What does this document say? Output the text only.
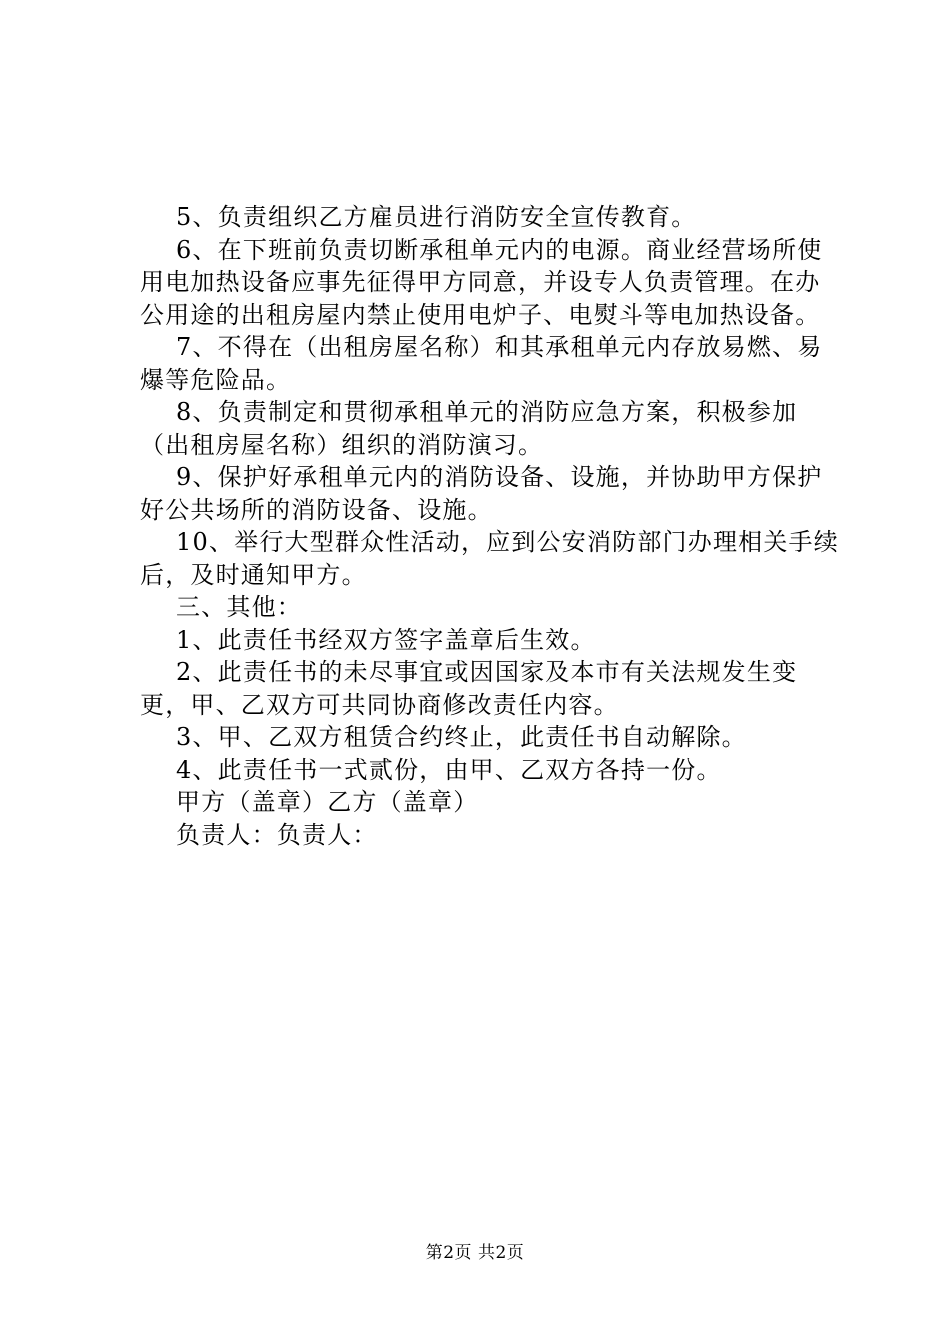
5、负责组织乙方雇员进行消防安全宣传教育。

6、在下班前负责切断承租单元内的电源。商业经营场所使用电加热设备应事先征得甲方同意，并设专人负责管理。在办公用途的出租房屋内禁止使用电炉子、电熨斗等电加热设备。

7、不得在（出租房屋名称）和其承租单元内存放易燃、易爆等危险品。

8、负责制定和贯彻承租单元的消防应急方案，积极参加（出租房屋名称）组织的消防演习。

9、保护好承租单元内的消防设备、设施，并协助甲方保护好公共场所的消防设备、设施。

10、举行大型群众性活动，应到公安消防部门办理相关手续后，及时通知甲方。

三、其他：

1、此责任书经双方签字盖章后生效。

2、此责任书的未尽事宜或因国家及本市有关法规发生变更，甲、乙双方可共同协商修改责任内容。

3、甲、乙双方租赁合约终止，此责任书自动解除。

4、此责任书一式贰份，由甲、乙双方各持一份。

甲方（盖章）乙方（盖章）

负责人：负责人：

第2页 共2页
